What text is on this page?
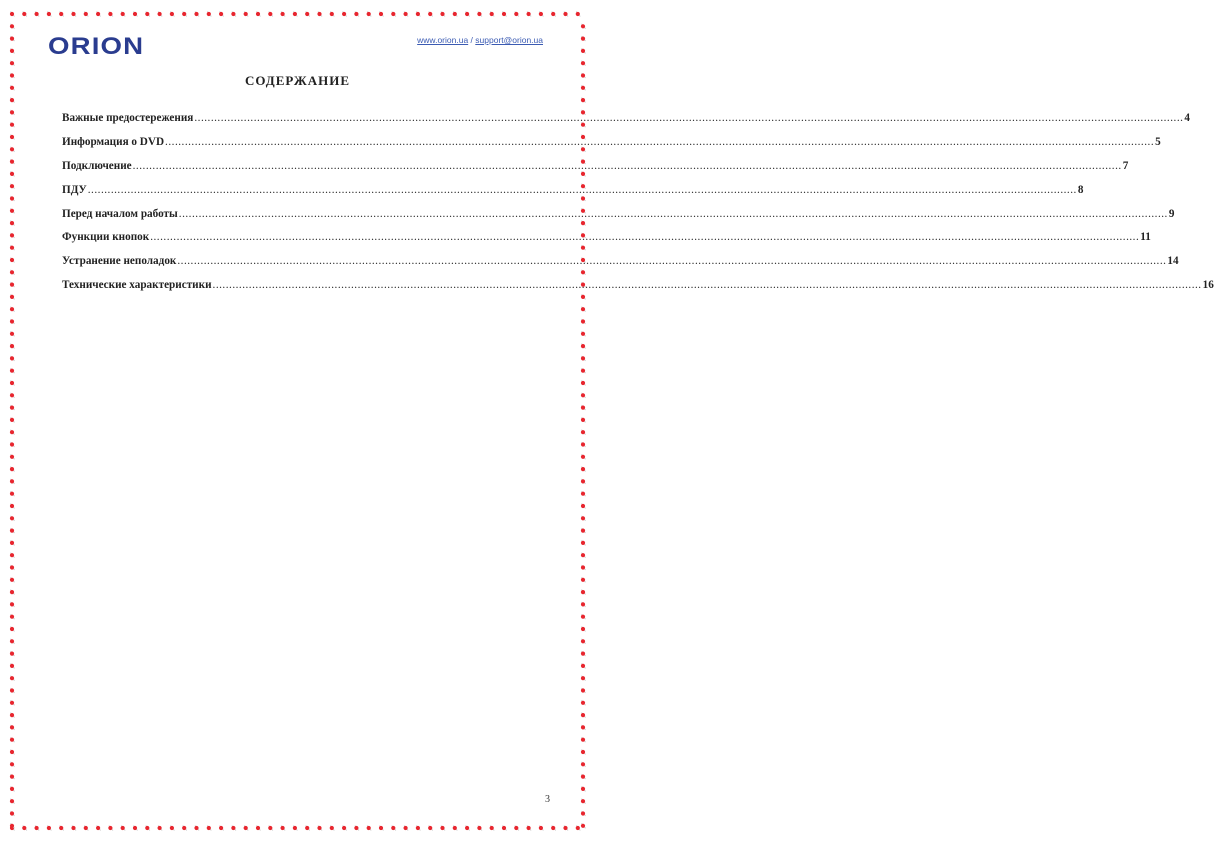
ORION	www.orion.ua / support@orion.ua
СОДЕРЖАНИЕ
Важные предостережения ............................................................................................................................................................................................................................................................................................................ 4
Информация о DVD ............................................................................................................................................................................................................................................................................................................ 5
Подключение ............................................................................................................................................................................................................................................................................................................ 7
ПДУ ............................................................................................................................................................................................................................................................................................................ 8
Перед началом работы ............................................................................................................................................................................................................................................................................................................ 9
Функции кнопок ............................................................................................................................................................................................................................................................................................................ 11
Устранение неполадок ............................................................................................................................................................................................................................................................................................................ 14
Технические характеристики ............................................................................................................................................................................................................................................................................................................ 16
3
